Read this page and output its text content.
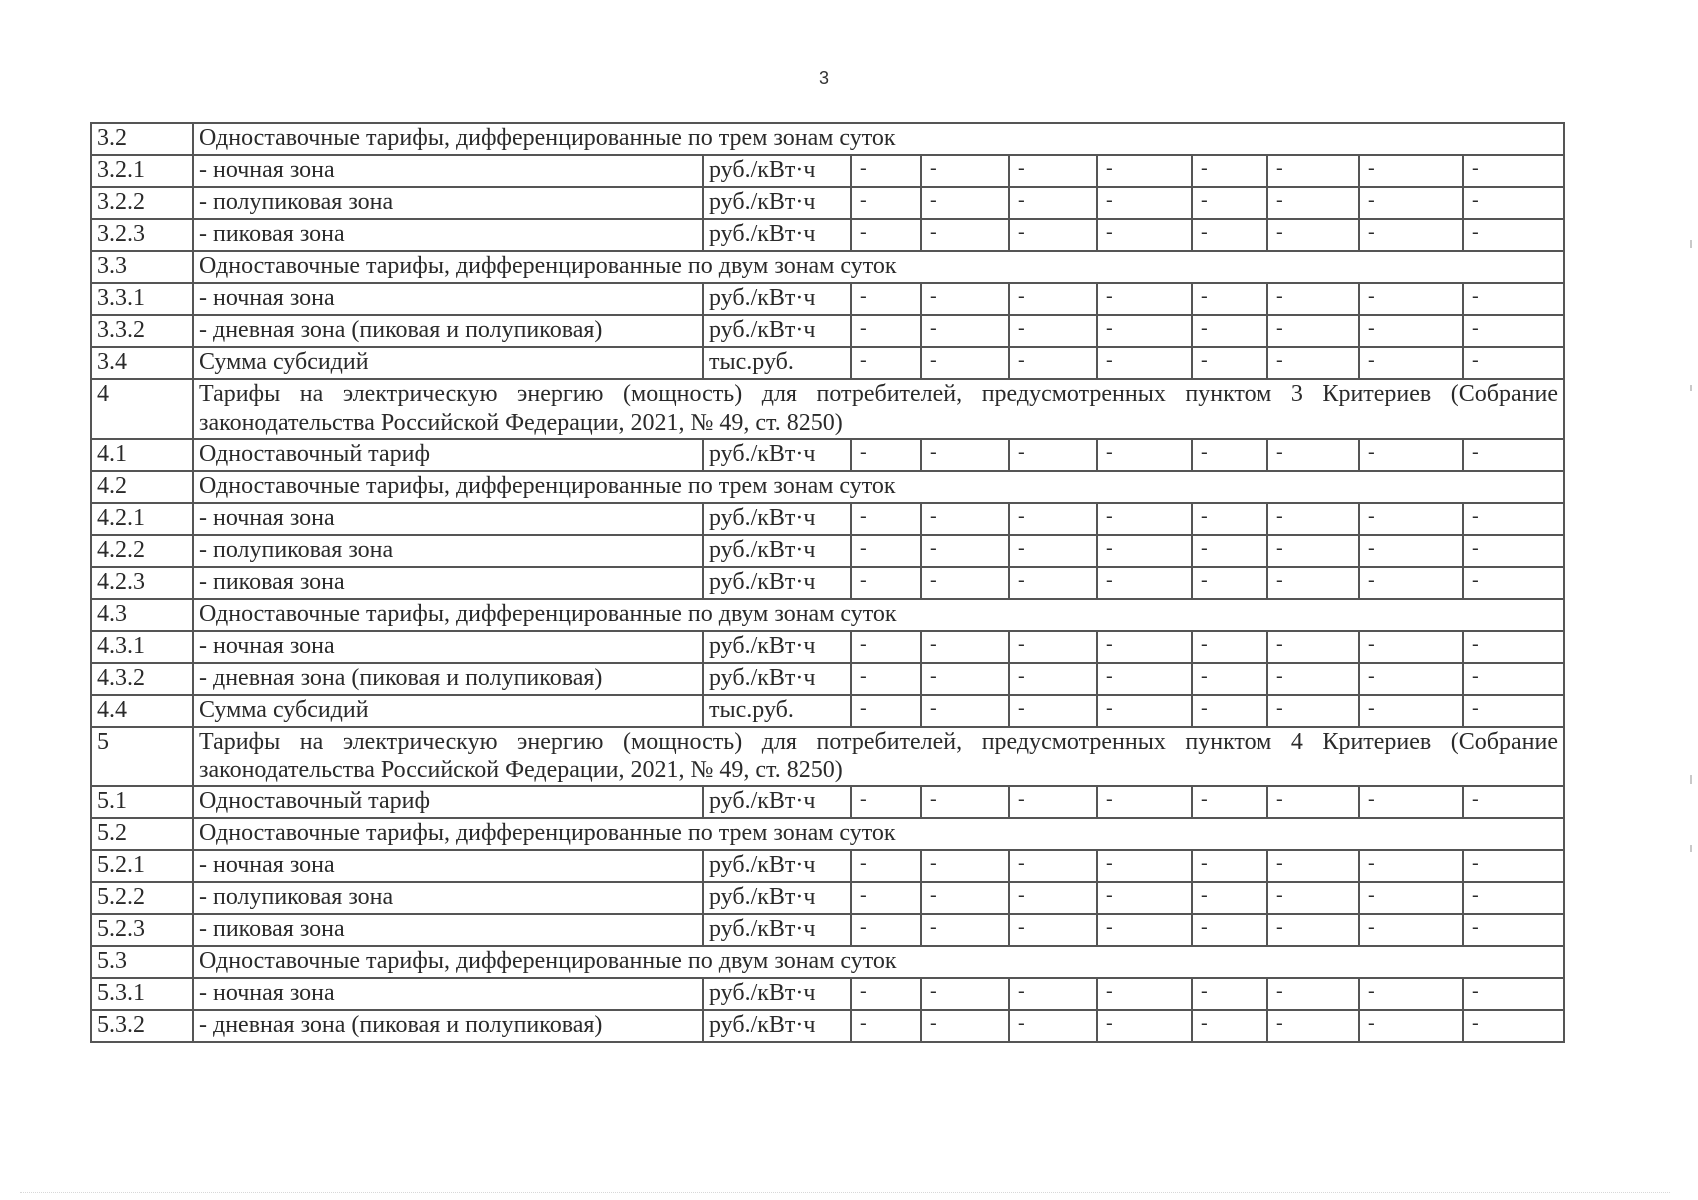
3
3.2	Одноставочные тарифы, дифференцированные по трем зонам суток									
3.2.1	- ночная зона	руб./кВт·ч	-	-	-	-	-	-	-	-
3.2.2	- полупиковая зона	руб./кВт·ч	-	-	-	-	-	-	-	-
3.2.3	- пиковая зона	руб./кВт·ч	-	-	-	-	-	-	-	-
3.3	Одноставочные тарифы, дифференцированные по двум зонам суток									
3.3.1	- ночная зона	руб./кВт·ч	-	-	-	-	-	-	-	-
3.3.2	- дневная зона (пиковая и полупиковая)	руб./кВт·ч	-	-	-	-	-	-	-	-
3.4	Сумма субсидий	тыс.руб.	-	-	-	-	-	-	-	-
4	Тарифы на электрическую энергию (мощность) для потребителей, предусмотренных пунктом 3 Критериев (Собрание законодательства Российской Федерации, 2021, № 49, ст. 8250)									
4.1	Одноставочный тариф	руб./кВт·ч	-	-	-	-	-	-	-	-
4.2	Одноставочные тарифы, дифференцированные по трем зонам суток									
4.2.1	- ночная зона	руб./кВт·ч	-	-	-	-	-	-	-	-
4.2.2	- полупиковая зона	руб./кВт·ч	-	-	-	-	-	-	-	-
4.2.3	- пиковая зона	руб./кВт·ч	-	-	-	-	-	-	-	-
4.3	Одноставочные тарифы, дифференцированные по двум зонам суток									
4.3.1	- ночная зона	руб./кВт·ч	-	-	-	-	-	-	-	-
4.3.2	- дневная зона (пиковая и полупиковая)	руб./кВт·ч	-	-	-	-	-	-	-	-
4.4	Сумма субсидий	тыс.руб.	-	-	-	-	-	-	-	-
5	Тарифы на электрическую энергию (мощность) для потребителей, предусмотренных пунктом 4 Критериев (Собрание законодательства Российской Федерации, 2021, № 49, ст. 8250)									
5.1	Одноставочный тариф	руб./кВт·ч	-	-	-	-	-	-	-	-
5.2	Одноставочные тарифы, дифференцированные по трем зонам суток									
5.2.1	- ночная зона	руб./кВт·ч	-	-	-	-	-	-	-	-
5.2.2	- полупиковая зона	руб./кВт·ч	-	-	-	-	-	-	-	-
5.2.3	- пиковая зона	руб./кВт·ч	-	-	-	-	-	-	-	-
5.3	Одноставочные тарифы, дифференцированные по двум зонам суток									
5.3.1	- ночная зона	руб./кВт·ч	-	-	-	-	-	-	-	-
5.3.2	- дневная зона (пиковая и полупиковая)	руб./кВт·ч	-	-	-	-	-	-	-	-
